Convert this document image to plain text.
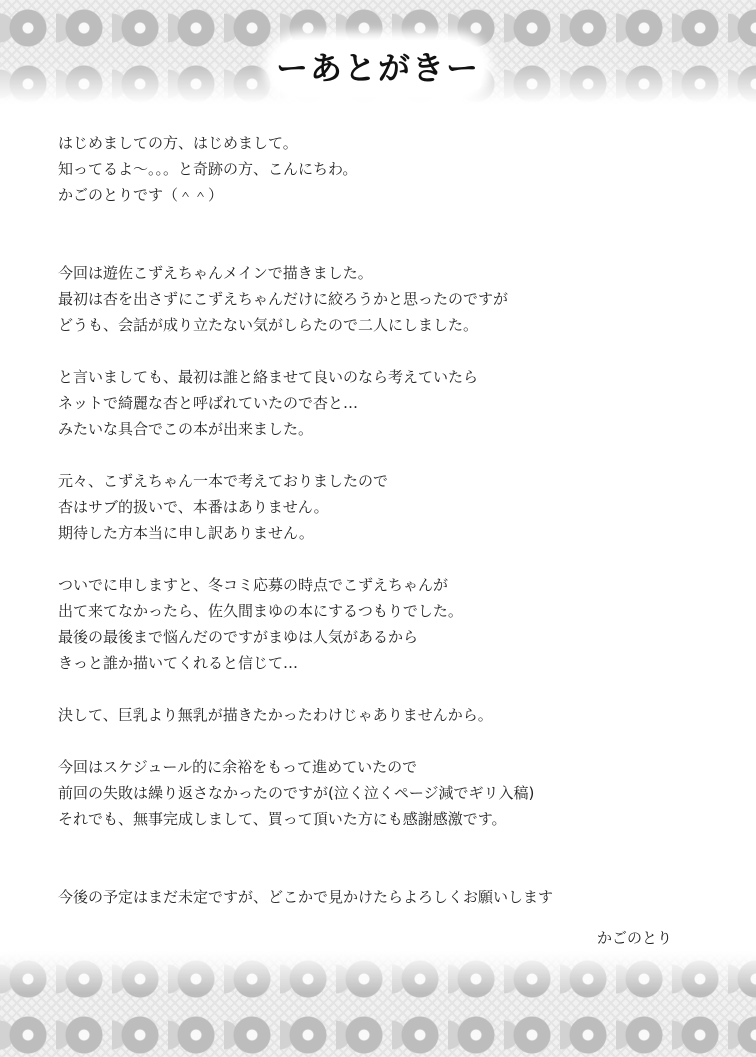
ーあとがきー

はじめましての方、はじめまして。
知ってるよ〜。。。と奇跡の方、こんにちわ。
かごのとりです（＾＾）

今回は遊佐こずえちゃんメインで描きました。
最初は杏を出さずにこずえちゃんだけに絞ろうかと思ったのですが
どうも、会話が成り立たない気がしらたので二人にしました。

と言いましても、最初は誰と絡ませて良いのなら考えていたら
ネットで綺麗な杏と呼ばれていたので杏と…
みたいな具合でこの本が出来ました。

元々、こずえちゃん一本で考えておりましたので
杏はサブ的扱いで、本番はありません。
期待した方本当に申し訳ありません。

ついでに申しますと、冬コミ応募の時点でこずえちゃんが
出て来てなかったら、佐久間まゆの本にするつもりでした。
最後の最後まで悩んだのですがまゆは人気があるから
きっと誰か描いてくれると信じて…

決して、巨乳より無乳が描きたかったわけじゃありませんから。

今回はスケジュール的に余裕をもって進めていたので
前回の失敗は繰り返さなかったのですが(泣く泣くページ減でギリ入稿)
それでも、無事完成しまして、買って頂いた方にも感謝感激です。

今後の予定はまだ未定ですが、どこかで見かけたらよろしくお願いします

かごのとり
